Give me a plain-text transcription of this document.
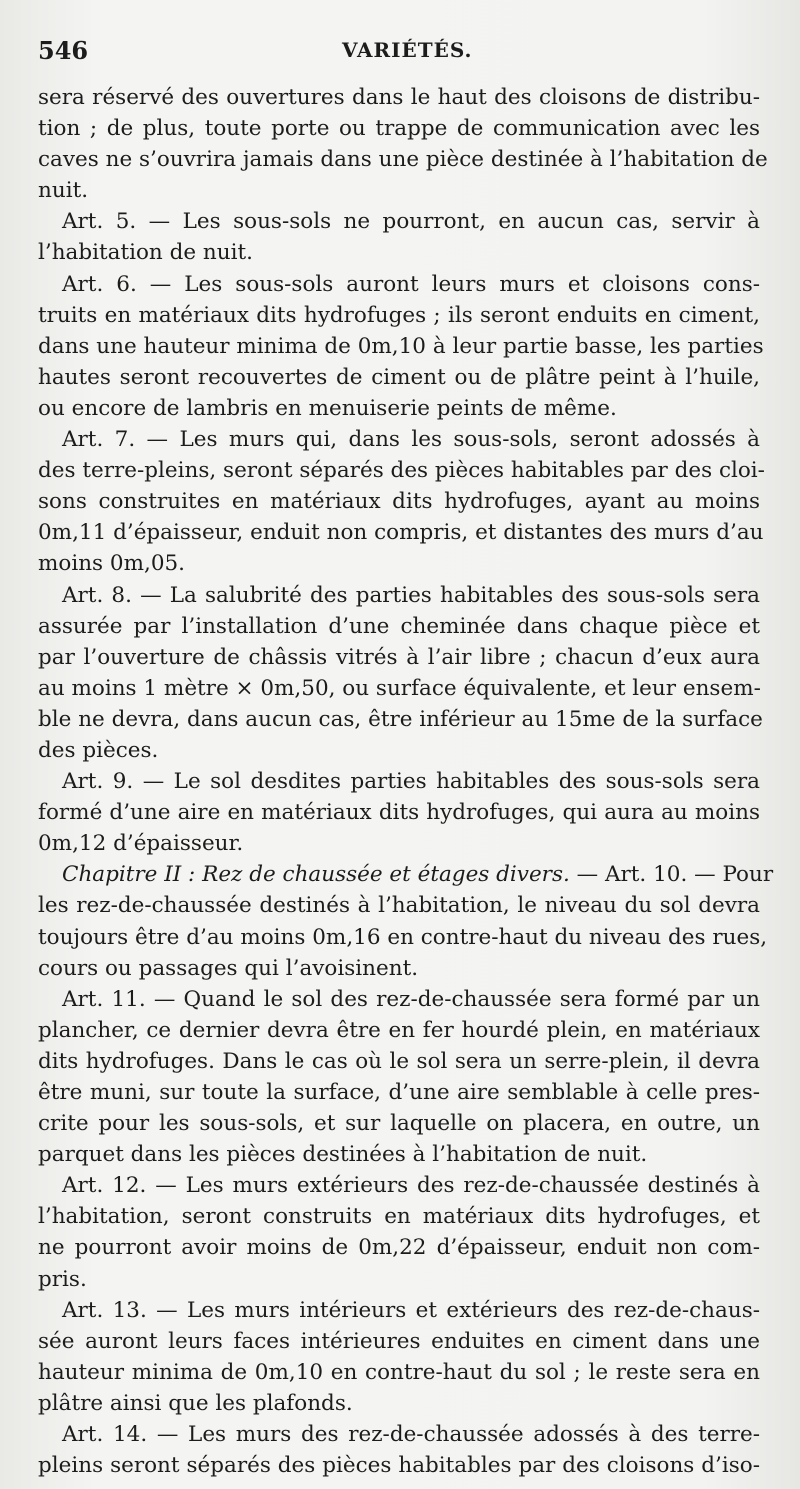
546	VARIÉTÉS.
sera réservé des ouvertures dans le haut des cloisons de distribu-
tion ; de plus, toute porte ou trappe de communication avec les
caves ne s’ouvrira jamais dans une pièce destinée à l’habitation de
nuit.
Art. 5. — Les sous-sols ne pourront, en aucun cas, servir à
l’habitation de nuit.
Art. 6. — Les sous-sols auront leurs murs et cloisons cons-
truits en matériaux dits hydrofuges ; ils seront enduits en ciment,
dans une hauteur minima de 0m,10 à leur partie basse, les parties
hautes seront recouvertes de ciment ou de plâtre peint à l’huile,
ou encore de lambris en menuiserie peints de même.
Art. 7. — Les murs qui, dans les sous-sols, seront adossés à
des terre-pleins, seront séparés des pièces habitables par des cloi-
sons construites en matériaux dits hydrofuges, ayant au moins
0m,11 d’épaisseur, enduit non compris, et distantes des murs d’au
moins 0m,05.
Art. 8. — La salubrité des parties habitables des sous-sols sera
assurée par l’installation d’une cheminée dans chaque pièce et
par l’ouverture de châssis vitrés à l’air libre ; chacun d’eux aura
au moins 1 mètre × 0m,50, ou surface équivalente, et leur ensem-
ble ne devra, dans aucun cas, être inférieur au 15me de la surface
des pièces.
Art. 9. — Le sol desdites parties habitables des sous-sols sera
formé d’une aire en matériaux dits hydrofuges, qui aura au moins
0m,12 d’épaisseur.
Chapitre II : Rez de chaussée et étages divers. — Art. 10. — Pour
les rez-de-chaussée destinés à l’habitation, le niveau du sol devra
toujours être d’au moins 0m,16 en contre-haut du niveau des rues,
cours ou passages qui l’avoisinent.
Art. 11. — Quand le sol des rez-de-chaussée sera formé par un
plancher, ce dernier devra être en fer hourdé plein, en matériaux
dits hydrofuges. Dans le cas où le sol sera un serre-plein, il devra
être muni, sur toute la surface, d’une aire semblable à celle pres-
crite pour les sous-sols, et sur laquelle on placera, en outre, un
parquet dans les pièces destinées à l’habitation de nuit.
Art. 12. — Les murs extérieurs des rez-de-chaussée destinés à
l’habitation, seront construits en matériaux dits hydrofuges, et
ne pourront avoir moins de 0m,22 d’épaisseur, enduit non com-
pris.
Art. 13. — Les murs intérieurs et extérieurs des rez-de-chaus-
sée auront leurs faces intérieures enduites en ciment dans une
hauteur minima de 0m,10 en contre-haut du sol ; le reste sera en
plâtre ainsi que les plafonds.
Art. 14. — Les murs des rez-de-chaussée adossés à des terre-
pleins seront séparés des pièces habitables par des cloisons d’iso-
